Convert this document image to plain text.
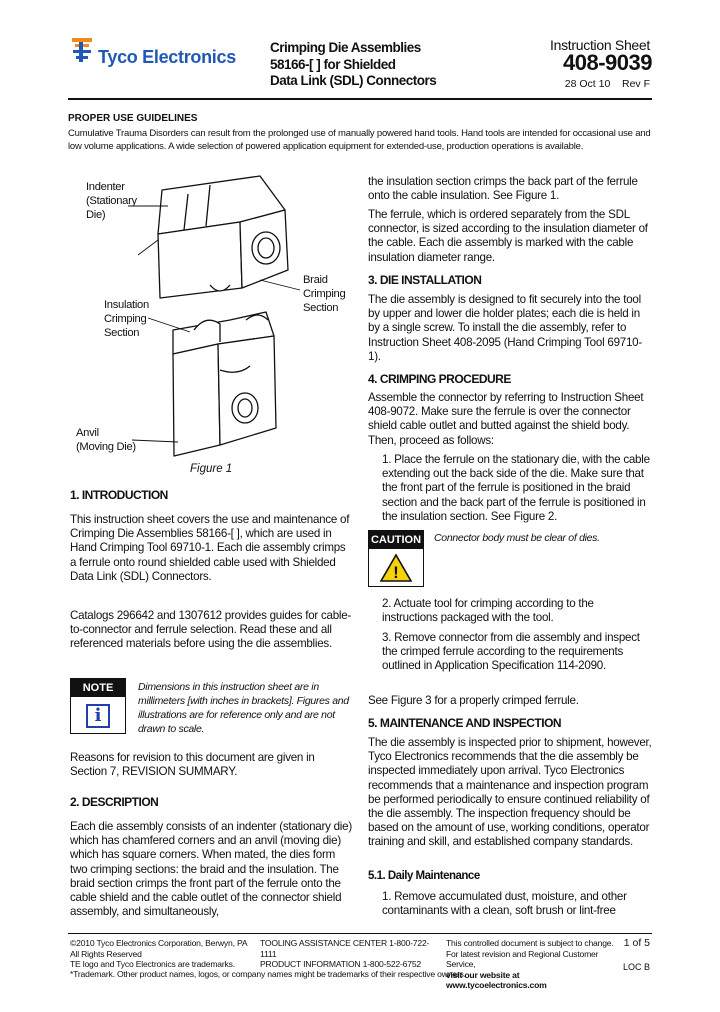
Tyco Electronics	Crimping Die Assemblies
58166-[ ] for Shielded
Data Link (SDL) Connectors
Instruction Sheet
408-9039
28 Oct 10    Rev F
PROPER USE GUIDELINES
Cumulative Trauma Disorders can result from the prolonged use of manually powered hand tools. Hand tools are intended for occasional use and low volume applications. A wide selection of powered application equipment for extended-use, production operations is available.
Indenter
(Stationary
Die)
Braid
Crimping
Section
Insulation
Crimping
Section
Anvil
(Moving Die)
Figure 1
1. INTRODUCTION
This instruction sheet covers the use and maintenance of Crimping Die Assemblies 58166-[ ], which are used in Hand Crimping Tool 69710-1. Each die assembly crimps a ferrule onto round shielded cable used with Shielded Data Link (SDL) Connectors.
Catalogs 296642 and 1307612 provides guides for cable-to-connector and ferrule selection. Read these and all referenced materials before using the die assemblies.
NOTE
i
Dimensions in this instruction sheet are in millimeters [with inches in brackets]. Figures and illustrations are for reference only and are not drawn to scale.
Reasons for revision to this document are given in Section 7, REVISION SUMMARY.
2. DESCRIPTION
Each die assembly consists of an indenter (stationary die) which has chamfered corners and an anvil (moving die) which has square corners. When mated, the dies form two crimping sections: the braid and the insulation. The braid section crimps the front part of the ferrule onto the cable shield and the cable outlet of the connector shield assembly, and simultaneously,
the insulation section crimps the back part of the ferrule onto the cable insulation. See Figure 1.
The ferrule, which is ordered separately from the SDL connector, is sized according to the insulation diameter of the cable. Each die assembly is marked with the cable insulation diameter range.
3. DIE INSTALLATION
The die assembly is designed to fit securely into the tool by upper and lower die holder plates; each die is held in by a single screw. To install the die assembly, refer to Instruction Sheet 408-2095 (Hand Crimping Tool 69710-1).
4. CRIMPING PROCEDURE
Assemble the connector by referring to Instruction Sheet 408-9072. Make sure the ferrule is over the connector shield cable outlet and butted against the shield body. Then, proceed as follows:
1. Place the ferrule on the stationary die, with the cable extending out the back side of the die. Make sure that the front part of the ferrule is positioned in the braid section and the back part of the ferrule is positioned in the insulation section. See Figure 2.
CAUTION
!
Connector body must be clear of dies.
2. Actuate tool for crimping according to the instructions packaged with the tool.
3. Remove connector from die assembly and inspect the crimped ferrule according to the requirements outlined in Application Specification 114-2090.
See Figure 3 for a properly crimped ferrule.
5. MAINTENANCE AND INSPECTION
The die assembly is inspected prior to shipment, however, Tyco Electronics recommends that the die assembly be inspected immediately upon arrival. Tyco Electronics recommends that a maintenance and inspection program be performed periodically to ensure continued reliability of the die assembly. The inspection frequency should be based on the amount of use, working conditions, operator training and skill, and established company standards.
5.1. Daily Maintenance
1. Remove accumulated dust, moisture, and other contaminants with a clean, soft brush or lint-free
©2010 Tyco Electronics Corporation, Berwyn, PA
All Rights Reserved
TE logo and Tyco Electronics are trademarks.
*Trademark. Other product names, logos, or company names might be trademarks of their respective owners.
TOOLING ASSISTANCE CENTER 1-800-722-1111
PRODUCT INFORMATION 1-800-522-6752
This controlled document is subject to change.
For latest revision and Regional Customer Service,
visit our website at www.tycoelectronics.com
1 of 5
LOC B
